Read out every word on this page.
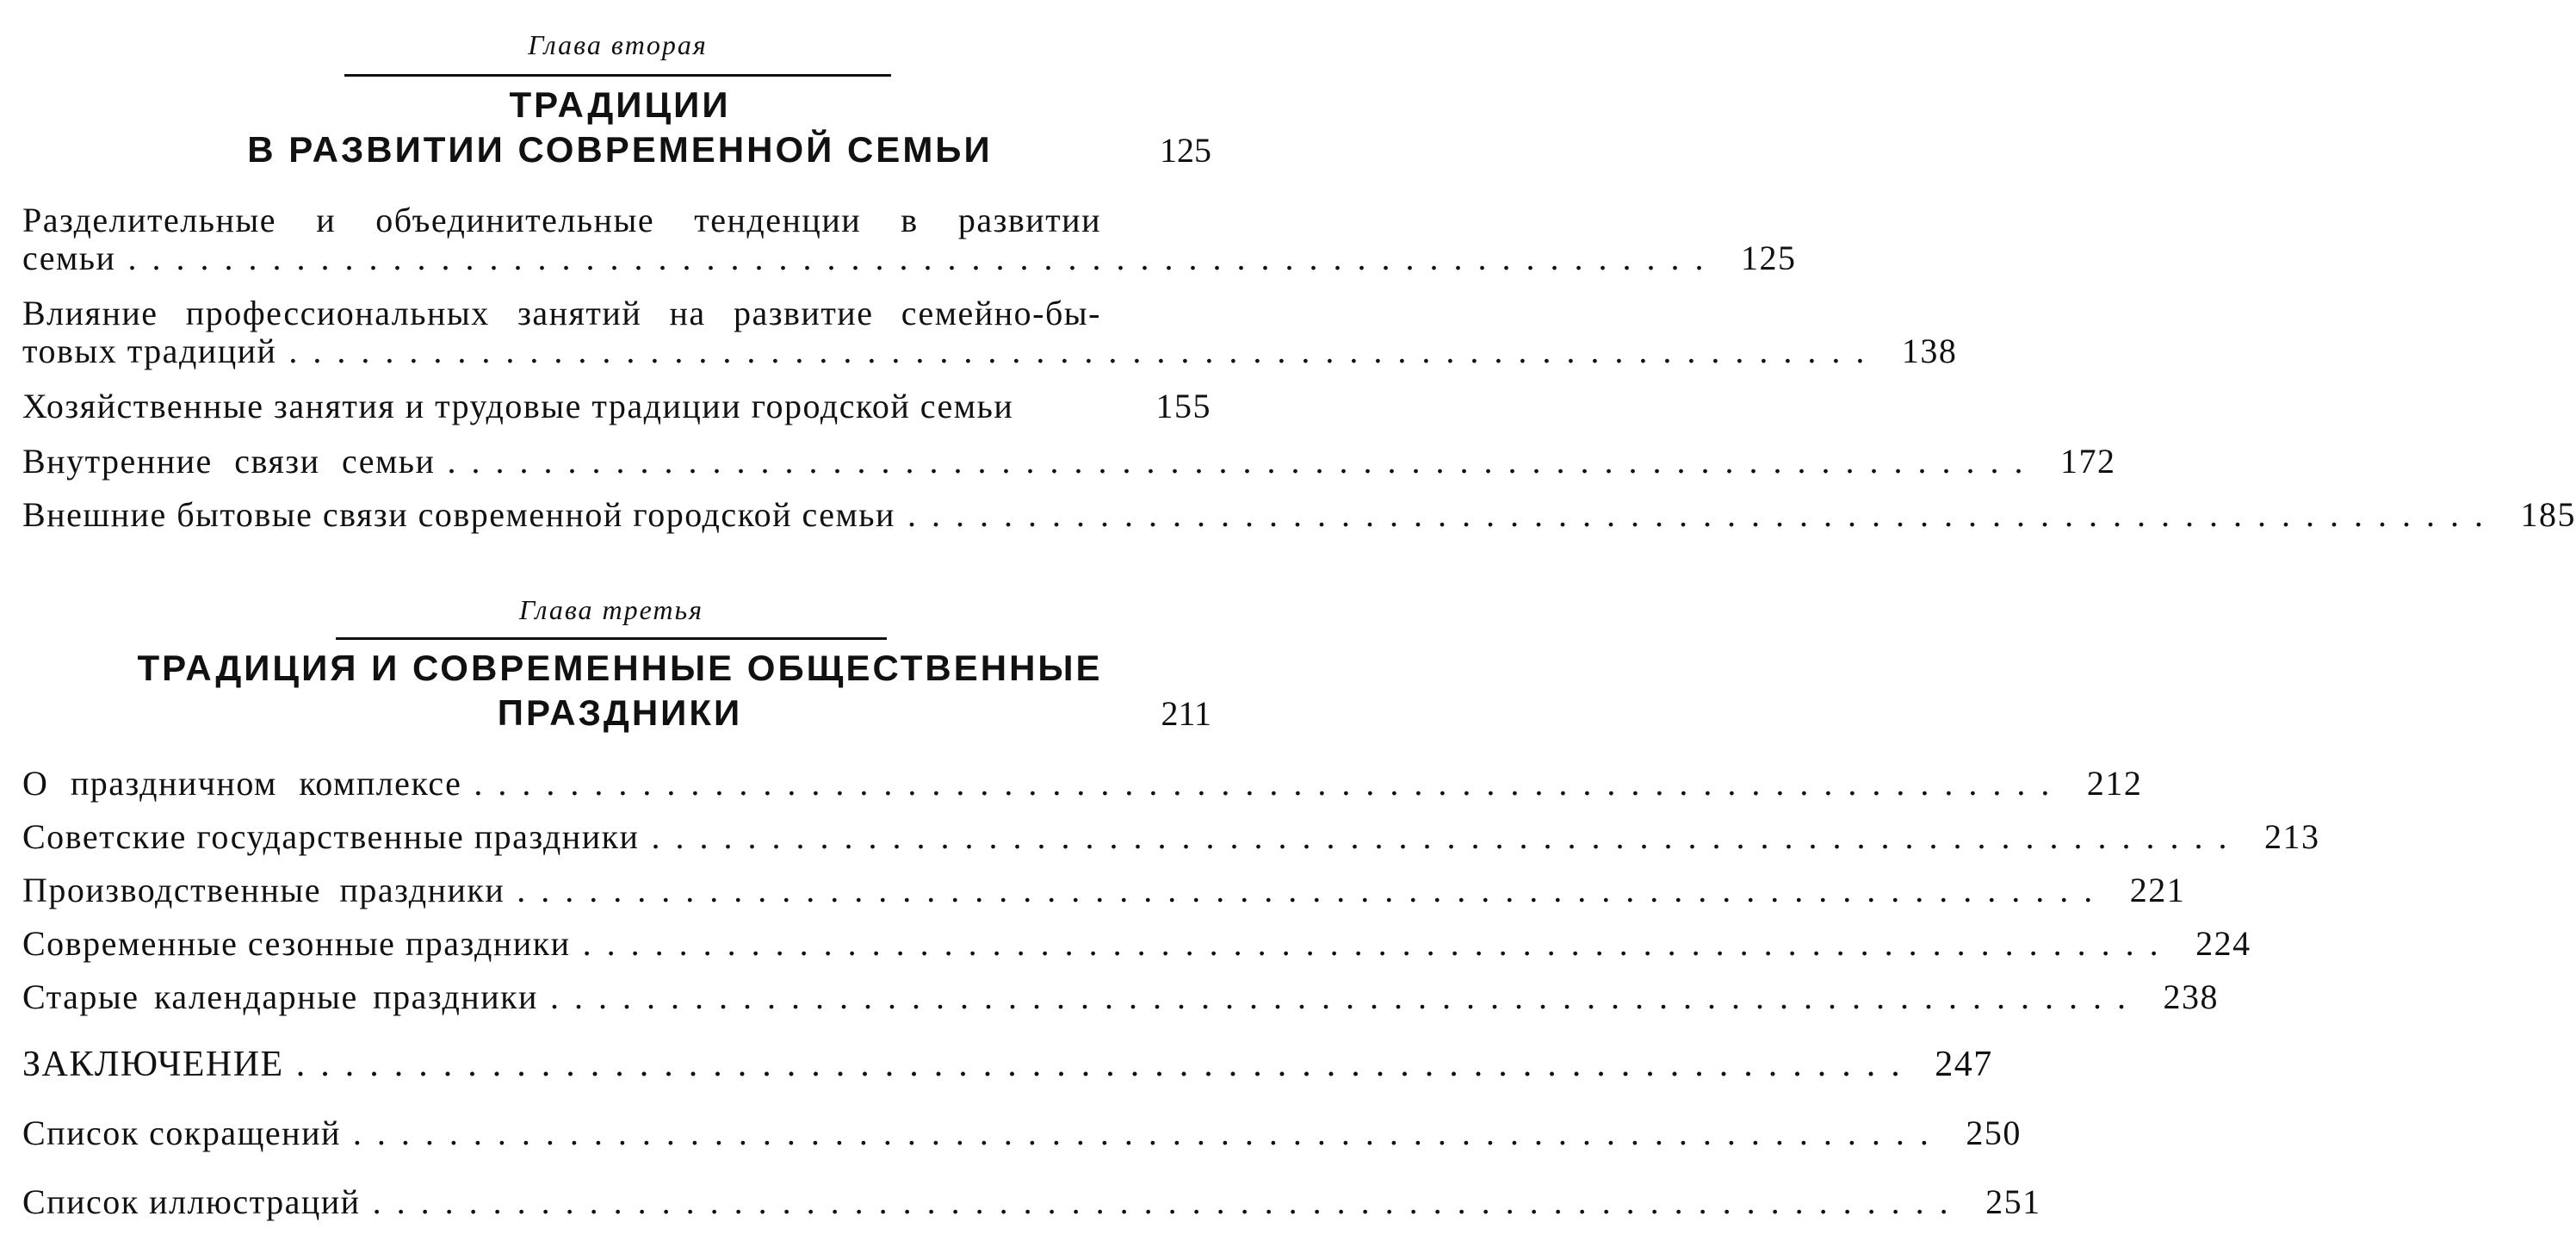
Глава вторая
ТРАДИЦИИ
В РАЗВИТИИ СОВРЕМЕННОЙ СЕМЬИ	125
Разделительные и объединительные тенденции в развитии
семьи .................................................................. 125
Влияние профессиональных занятий на развитие семейно-бы-
товых традиций .................................................................. 138
Хозяйственные занятия и трудовые традиции городской семьи	155
Внутренние связи семьи .................................................................. 172
Внешние бытовые связи современной городской семьи .................................................................. 185
Глава третья
ТРАДИЦИЯ И СОВРЕМЕННЫЕ ОБЩЕСТВЕННЫЕ
ПРАЗДНИКИ	211
О праздничном комплексе .................................................................. 212
Советские государственные праздники .................................................................. 213
Производственные праздники .................................................................. 221
Современные сезонные праздники .................................................................. 224
Старые календарные праздники .................................................................. 238
ЗАКЛЮЧЕНИЕ .................................................................. 247
Список сокращений .................................................................. 250
Список иллюстраций .................................................................. 251
